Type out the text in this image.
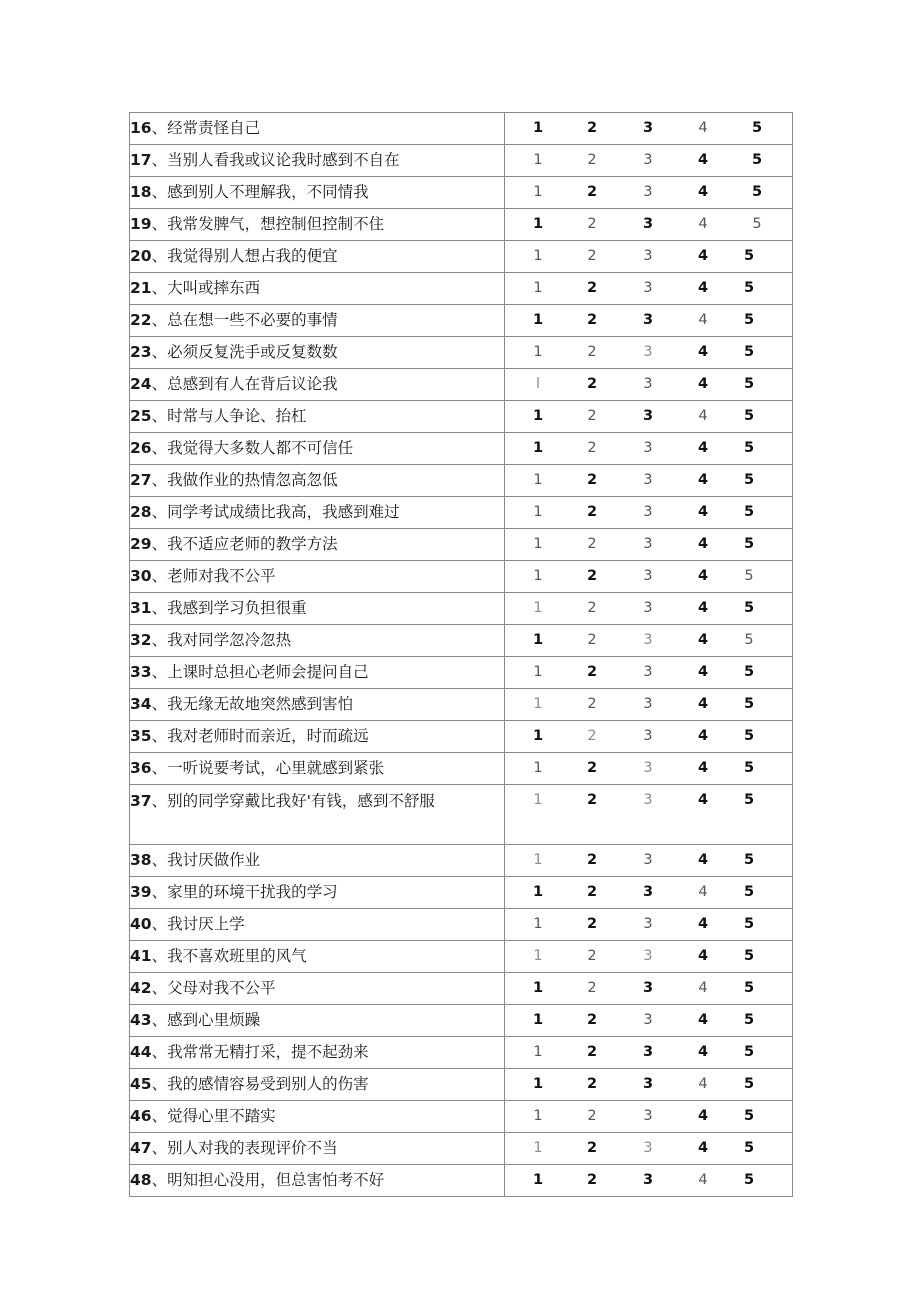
16、经常责怪自己	1 2 3 4 5

17、当别人看我或议论我时感到不自在	1 2 3 4 5

18、感到别人不理解我，不同情我	1 2 3 4 5

19、我常发脾气，想控制但控制不住	1 2 3 4 5

20、我觉得别人想占我的便宜	1 2 3 4 5

21、大叫或摔东西	1 2 3 4 5

22、总在想一些不必要的事情	1 2 3 4 5

23、必须反复洗手或反复数数	1 2 3 4 5

24、总感到有人在背后议论我	l 2 3 4 5

25、时常与人争论、抬杠	1 2 3 4 5

26、我觉得大多数人都不可信任	1 2 3 4 5

27、我做作业的热情忽高忽低	1 2 3 4 5

28、同学考试成绩比我高，我感到难过	1 2 3 4 5

29、我不适应老师的教学方法	1 2 3 4 5

30、老师对我不公平	1 2 3 4 5

31、我感到学习负担很重	1 2 3 4 5

32、我对同学忽冷忽热	1 2 3 4 5

33、上课时总担心老师会提问自己	1 2 3 4 5

34、我无缘无故地突然感到害怕	1 2 3 4 5

35、我对老师时而亲近，时而疏远	1 2 3 4 5

36、一听说要考试，心里就感到紧张	1 2 3 4 5

37、别的同学穿戴比我好'有钱，感到不舒服	1 2 3 4 5

38、我讨厌做作业	1 2 3 4 5

39、家里的环境干扰我的学习	1 2 3 4 5

40、我讨厌上学	1 2 3 4 5

41、我不喜欢班里的风气	1 2 3 4 5

42、父母对我不公平	1 2 3 4 5

43、感到心里烦躁	1 2 3 4 5

44、我常常无精打采，提不起劲来	1 2 3 4 5

45、我的感情容易受到别人的伤害	1 2 3 4 5

46、觉得心里不踏实	1 2 3 4 5

47、别人对我的表现评价不当	1 2 3 4 5

48、明知担心没用，但总害怕考不好	1 2 3 4 5
